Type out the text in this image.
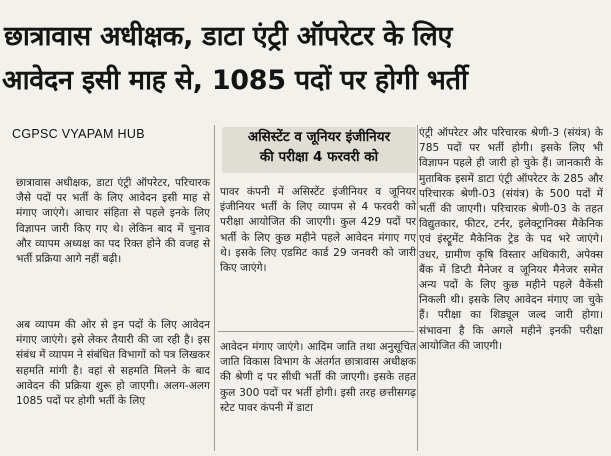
छात्रावास अधीक्षक, डाटा एंट्री ऑपरेटर के लिए
आवेदन इसी माह से, 1085 पदों पर होगी भर्ती
CGPSC VYAPAM HUB	असिस्टेंट व जूनियर इंजीनियर
की परीक्षा 4 फरवरी को
छात्रावास अधीक्षक, डाटा एंट्री ऑपरेटर, परिचारक जैसे पदों पर भर्ती के लिए आवेदन इसी माह से मंगाए जाएंगे। आचार संहिता से पहले इनके लिए विज्ञापन जारी किए गए थे। लेकिन बाद में चुनाव और व्यापम अध्यक्ष का पद रिक्त होने की वजह से भर्ती प्रक्रिया आगे नहीं बढ़ी।
अब व्यापम की ओर से इन पदों के लिए आवेदन मंगाए जाएंगे। इसे लेकर तैयारी की जा रही है। इस संबंध में व्यापम ने संबंधित विभागों को पत्र लिखकर सहमति मांगी है। वहां से सहमति मिलने के बाद आवेदन की प्रक्रिया शुरू हो जाएगी। अलग-अलग 1085 पदों पर होगी भर्ती के लिए
पावर कंपनी में असिस्टेंट इंजीनियर व जूनियर इंजीनियर भर्ती के लिए व्यापम से 4 फरवरी को परीक्षा आयोजित की जाएगी। कुल 429 पदों पर भर्ती के लिए कुछ महीने पहले आवेदन मंगाए गए थे। इसके लिए एडमिट कार्ड 29 जनवरी को जारी किए जाएंगे।
आवेदन मंगाए जाएंगे। आदिम जाति तथा अनुसूचित जाति विकास विभाग के अंतर्गत छात्रावास अधीक्षक की श्रेणी द पर सीधी भर्ती की जाएगी। इसके तहत कुल 300 पदों पर भर्ती होगी। इसी तरह छत्तीसगढ़ स्टेट पावर कंपनी में डाटा
एंट्री ऑपरेटर और परिचारक श्रेणी-3 (संयंत्र) के 785 पदों पर भर्ती होगी। इसके लिए भी विज्ञापन पहले ही जारी हो चुके हैं। जानकारी के मुताबिक इसमें डाटा एंट्री ऑपरेटर के 285 और परिचारक श्रेणी-03 (संयंत्र) के 500 पदों में भर्ती की जाएगी। परिचारक श्रेणी-03 के तहत विद्युतकार, फीटर, टर्नर, इलेक्ट्रानिक्स मैकेनिक एवं इंस्ट्रूमेंट मैकेनिक ट्रेड के पद भरे जाएंगे। उधर, ग्रामीण कृषि विस्तार अधिकारी, अपेक्स बैंक में डिप्टी मैनेजर व जूनियर मैनेजर समेत अन्य पदों के लिए कुछ महीने पहले वैकेंसी निकली थी। इसके लिए आवेदन मंगाए जा चुके हैं। परीक्षा का शिड्यूल जल्द जारी होगा। संभावना है कि अगले महीने इनकी परीक्षा आयोजित की जाएगी।
